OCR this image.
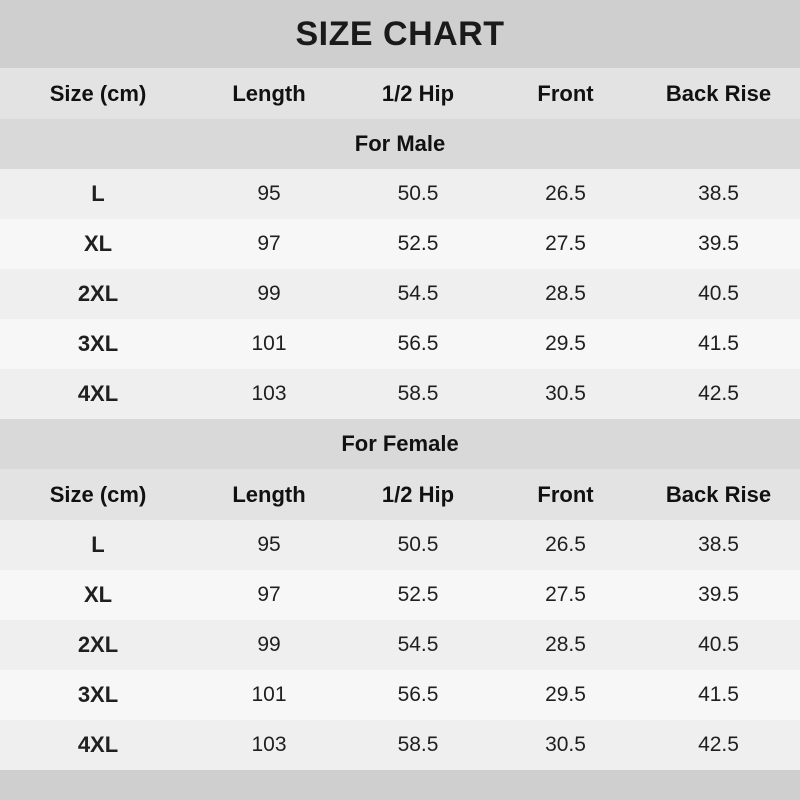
SIZE CHART
Size (cm)	Length	1/2 Hip	Front	Back Rise
For Male
L	95	50.5	26.5	38.5
XL	97	52.5	27.5	39.5
2XL	99	54.5	28.5	40.5
3XL	101	56.5	29.5	41.5
4XL	103	58.5	30.5	42.5
For Female
Size (cm)	Length	1/2 Hip	Front	Back Rise
L	95	50.5	26.5	38.5
XL	97	52.5	27.5	39.5
2XL	99	54.5	28.5	40.5
3XL	101	56.5	29.5	41.5
4XL	103	58.5	30.5	42.5
